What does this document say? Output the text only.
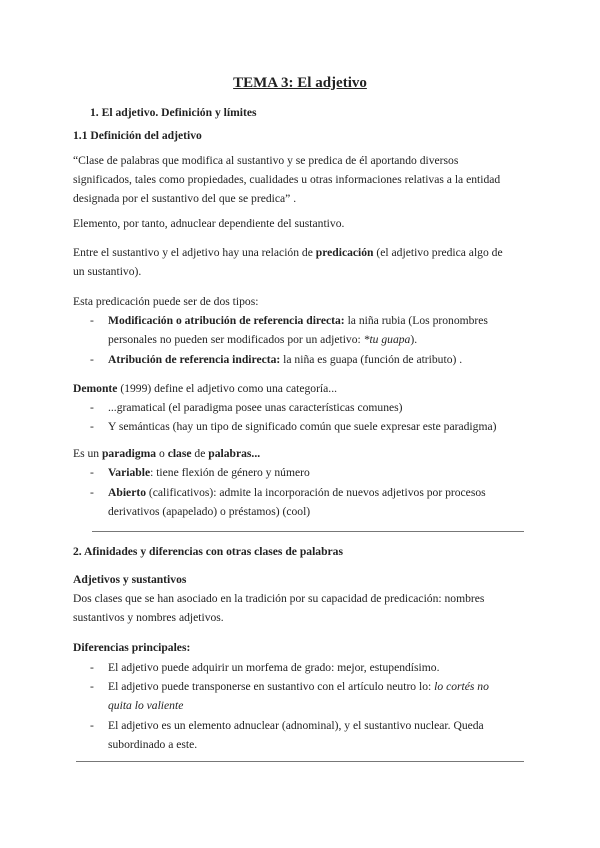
TEMA 3: El adjetivo
1. El adjetivo. Definición y límites
1.1 Definición del adjetivo
“Clase de palabras que modifica al sustantivo y se predica de él aportando diversos
significados, tales como propiedades, cualidades u otras informaciones relativas a la entidad
designada por el sustantivo del que se predica” .
Elemento, por tanto, adnuclear dependiente del sustantivo.
Entre el sustantivo y el adjetivo hay una relación de predicación (el adjetivo predica algo de
un sustantivo).
Esta predicación puede ser de dos tipos:
- Modificación o atribución de referencia directa: la niña rubia (Los pronombres
personales no pueden ser modificados por un adjetivo: *tu guapa).
- Atribución de referencia indirecta: la niña es guapa (función de atributo) .
Demonte (1999) define el adjetivo como una categoría...
- ...gramatical (el paradigma posee unas características comunes)
- Y semánticas (hay un tipo de significado común que suele expresar este paradigma)
Es un paradigma o clase de palabras...
- Variable: tiene flexión de género y número
- Abierto (calificativos): admite la incorporación de nuevos adjetivos por procesos
derivativos (apapelado) o préstamos) (cool)
2. Afinidades y diferencias con otras clases de palabras
Adjetivos y sustantivos
Dos clases que se han asociado en la tradición por su capacidad de predicación: nombres
sustantivos y nombres adjetivos.
Diferencias principales:
- El adjetivo puede adquirir un morfema de grado: mejor, estupendísimo.
- El adjetivo puede transponerse en sustantivo con el artículo neutro lo: lo cortés no
quita lo valiente
- El adjetivo es un elemento adnuclear (adnominal), y el sustantivo nuclear. Queda
subordinado a este.
